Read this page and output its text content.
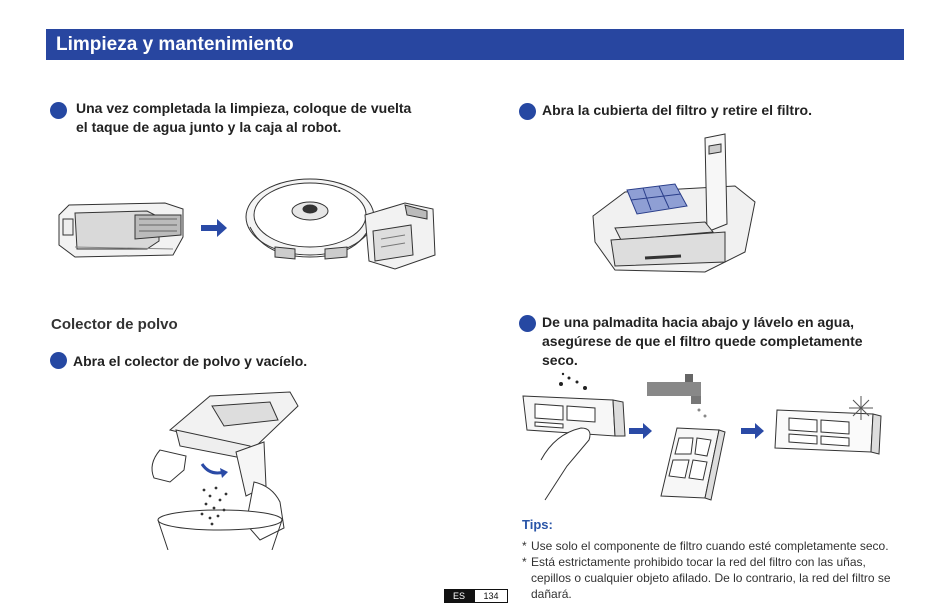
Limpieza y mantenimiento
Una vez completada la limpieza, coloque de vuelta el taque de agua junto y la caja al robot.
Abra la cubierta del filtro y retire el filtro.
Colector de polvo
Abra el colector de polvo y vacíelo.
De una palmadita hacia abajo y lávelo en agua, asegúrese de que el filtro quede completamente seco.
Tips:
* Use solo el componente de filtro cuando esté completamente seco.
* Está estrictamente prohibido tocar la red del filtro con las uñas, cepillos o cualquier objeto afilado. De lo contrario, la red del filtro se dañará.
ES	134
